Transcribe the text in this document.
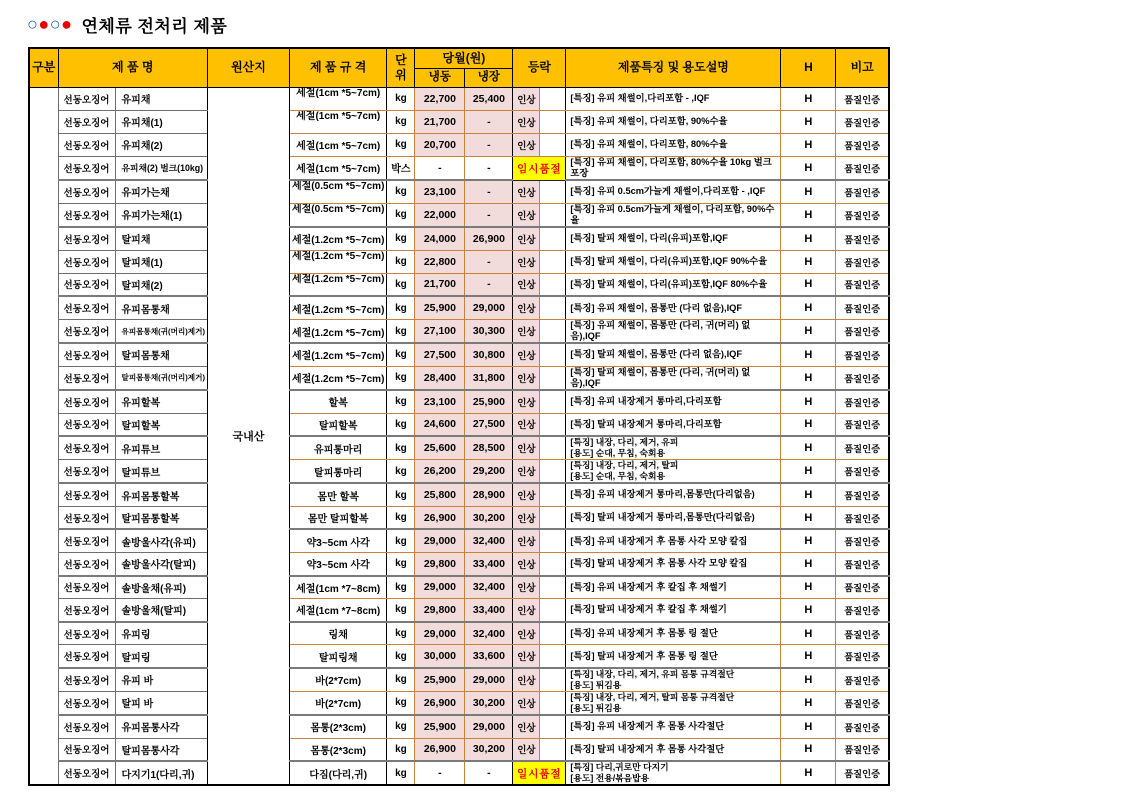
○●○● 연체류 전처리 제품
구분	제 품 명		원산지	제 품 규 격	단위	당월(원)		등락		제품특징 및 용도설명	H	비고
						냉동	냉장					
	선동오징어	유피채	국내산	세절(1cm *5~7cm)	kg	22,700	25,400	인상		[특징] 유피 채썰이,다리포함 - ,IQF	H	품질인증
	선동오징어	유피채(1)		세절(1cm *5~7cm)	kg	21,700	-	인상		[특징] 유피 채썰이, 다리포함, 90%수율	H	품질인증
	선동오징어	유피채(2)		세절(1cm *5~7cm)	kg	20,700	-	인상		[특징] 유피 채썰이, 다리포함, 80%수율	H	품질인증
	선동오징어	유피채(2) 벌크(10kg)		세절(1cm *5~7cm)	박스	-	-	임시품절		[특징] 유피 채썰이, 다리포함, 80%수율 10kg 벌크 포장	H	품질인증
	선동오징어	유피가는채		세절(0.5cm *5~7cm)	kg	23,100	-	인상		[특징] 유피 0.5cm가늘게 채썰이,다리포함 - ,IQF	H	품질인증
	선동오징어	유피가는채(1)		세절(0.5cm *5~7cm)	kg	22,000	-	인상		[특징] 유피 0.5cm가늘게 채썰이, 다리포함, 90%수율	H	품질인증
	선동오징어	탈피채		세절(1.2cm *5~7cm)	kg	24,000	26,900	인상		[특징] 탈피 채썰이, 다리(유피)포함,IQF	H	품질인증
	선동오징어	탈피채(1)		세절(1.2cm *5~7cm)	kg	22,800	-	인상		[특징] 탈피 채썰이, 다리(유피)포함,IQF 90%수율	H	품질인증
	선동오징어	탈피채(2)		세절(1.2cm *5~7cm)	kg	21,700	-	인상		[특징] 탈피 채썰이, 다리(유피)포함,IQF 80%수율	H	품질인증
	선동오징어	유피몸통채		세절(1.2cm *5~7cm)	kg	25,900	29,000	인상		[특징] 유피 채썰이, 몸통만 (다리 없음),IQF	H	품질인증
	선동오징어	유피몸통채(귀(머리)제거)		세절(1.2cm *5~7cm)	kg	27,100	30,300	인상		[특징] 유피 채썰이, 몸통만 (다리, 귀(머리) 없음),IQF	H	품질인증
	선동오징어	탈피몸통채		세절(1.2cm *5~7cm)	kg	27,500	30,800	인상		[특징] 탈피 채썰이, 몸통만 (다리 없음),IQF	H	품질인증
	선동오징어	탈피몸통채(귀(머리)제거)		세절(1.2cm *5~7cm)	kg	28,400	31,800	인상		[특징] 탈피 채썰이, 몸통만 (다리, 귀(머리) 없음),IQF	H	품질인증
	선동오징어	유피할복		할복	kg	23,100	25,900	인상		[특징] 유피 내장제거 통마리,다리포함	H	품질인증
	선동오징어	탈피할복		탈피할복	kg	24,600	27,500	인상		[특징] 탈피 내장제거 통마리,다리포함	H	품질인증
	선동오징어	유피튜브		유피통마리	kg	25,600	28,500	인상		[특징] 내장, 다리, 제거, 유피
[용도] 순대, 무침, 숙회용	H	품질인증
	선동오징어	탈피튜브		탈피통마리	kg	26,200	29,200	인상		[특징] 내장, 다리, 제거, 탈피
[용도] 순대, 무침, 숙회용	H	품질인증
	선동오징어	유피몸통할복		몸만 할복	kg	25,800	28,900	인상		[특징] 유피 내장제거 통마리,몸통만(다리없음)	H	품질인증
	선동오징어	탈피몸통할복		몸만 탈피할복	kg	26,900	30,200	인상		[특징] 탈피 내장제거 통마리,몸통만(다리없음)	H	품질인증
	선동오징어	솔방울사각(유피)		약3~5cm 사각	kg	29,000	32,400	인상		[특징] 유피 내장제거 후 몸통 사각 모양 칼집	H	품질인증
	선동오징어	솔방울사각(탈피)		약3~5cm 사각	kg	29,800	33,400	인상		[특징] 탈피 내장제거 후 몸통 사각 모양 칼집	H	품질인증
	선동오징어	솔방울채(유피)		세절(1cm *7~8cm)	kg	29,000	32,400	인상		[특징] 유피 내장제거 후 칼집 후 채썰기	H	품질인증
	선동오징어	솔방울채(탈피)		세절(1cm *7~8cm)	kg	29,800	33,400	인상		[특징] 탈피 내장제거 후 칼집 후 채썰기	H	품질인증
	선동오징어	유피링		링채	kg	29,000	32,400	인상		[특징] 유피 내장제거 후 몸통 링 절단	H	품질인증
	선동오징어	탈피링		탈피링채	kg	30,000	33,600	인상		[특징] 탈피 내장제거 후 몸통 링 절단	H	품질인증
	선동오징어	유피 바		바(2*7cm)	kg	25,900	29,000	인상		[특징] 내장, 다리, 제거, 유피 몸통 규격절단
[용도] 튀김용	H	품질인증
	선동오징어	탈피 바		바(2*7cm)	kg	26,900	30,200	인상		[특징] 내장, 다리, 제거, 탈피 몸통 규격절단
[용도] 튀김용	H	품질인증
	선동오징어	유피몸통사각		몸통(2*3cm)	kg	25,900	29,000	인상		[특징] 유피 내장제거 후 몸통 사각절단	H	품질인증
	선동오징어	탈피몸통사각		몸통(2*3cm)	kg	26,900	30,200	인상		[특징] 탈피 내장제거 후 몸통 사각절단	H	품질인증
	선동오징어	다지기1(다리,귀)		다짐(다리,귀)	kg	-	-	일시품절		[특징] 다리,귀로만 다지기
[용도] 전용/볶음밥용	H	품질인증
